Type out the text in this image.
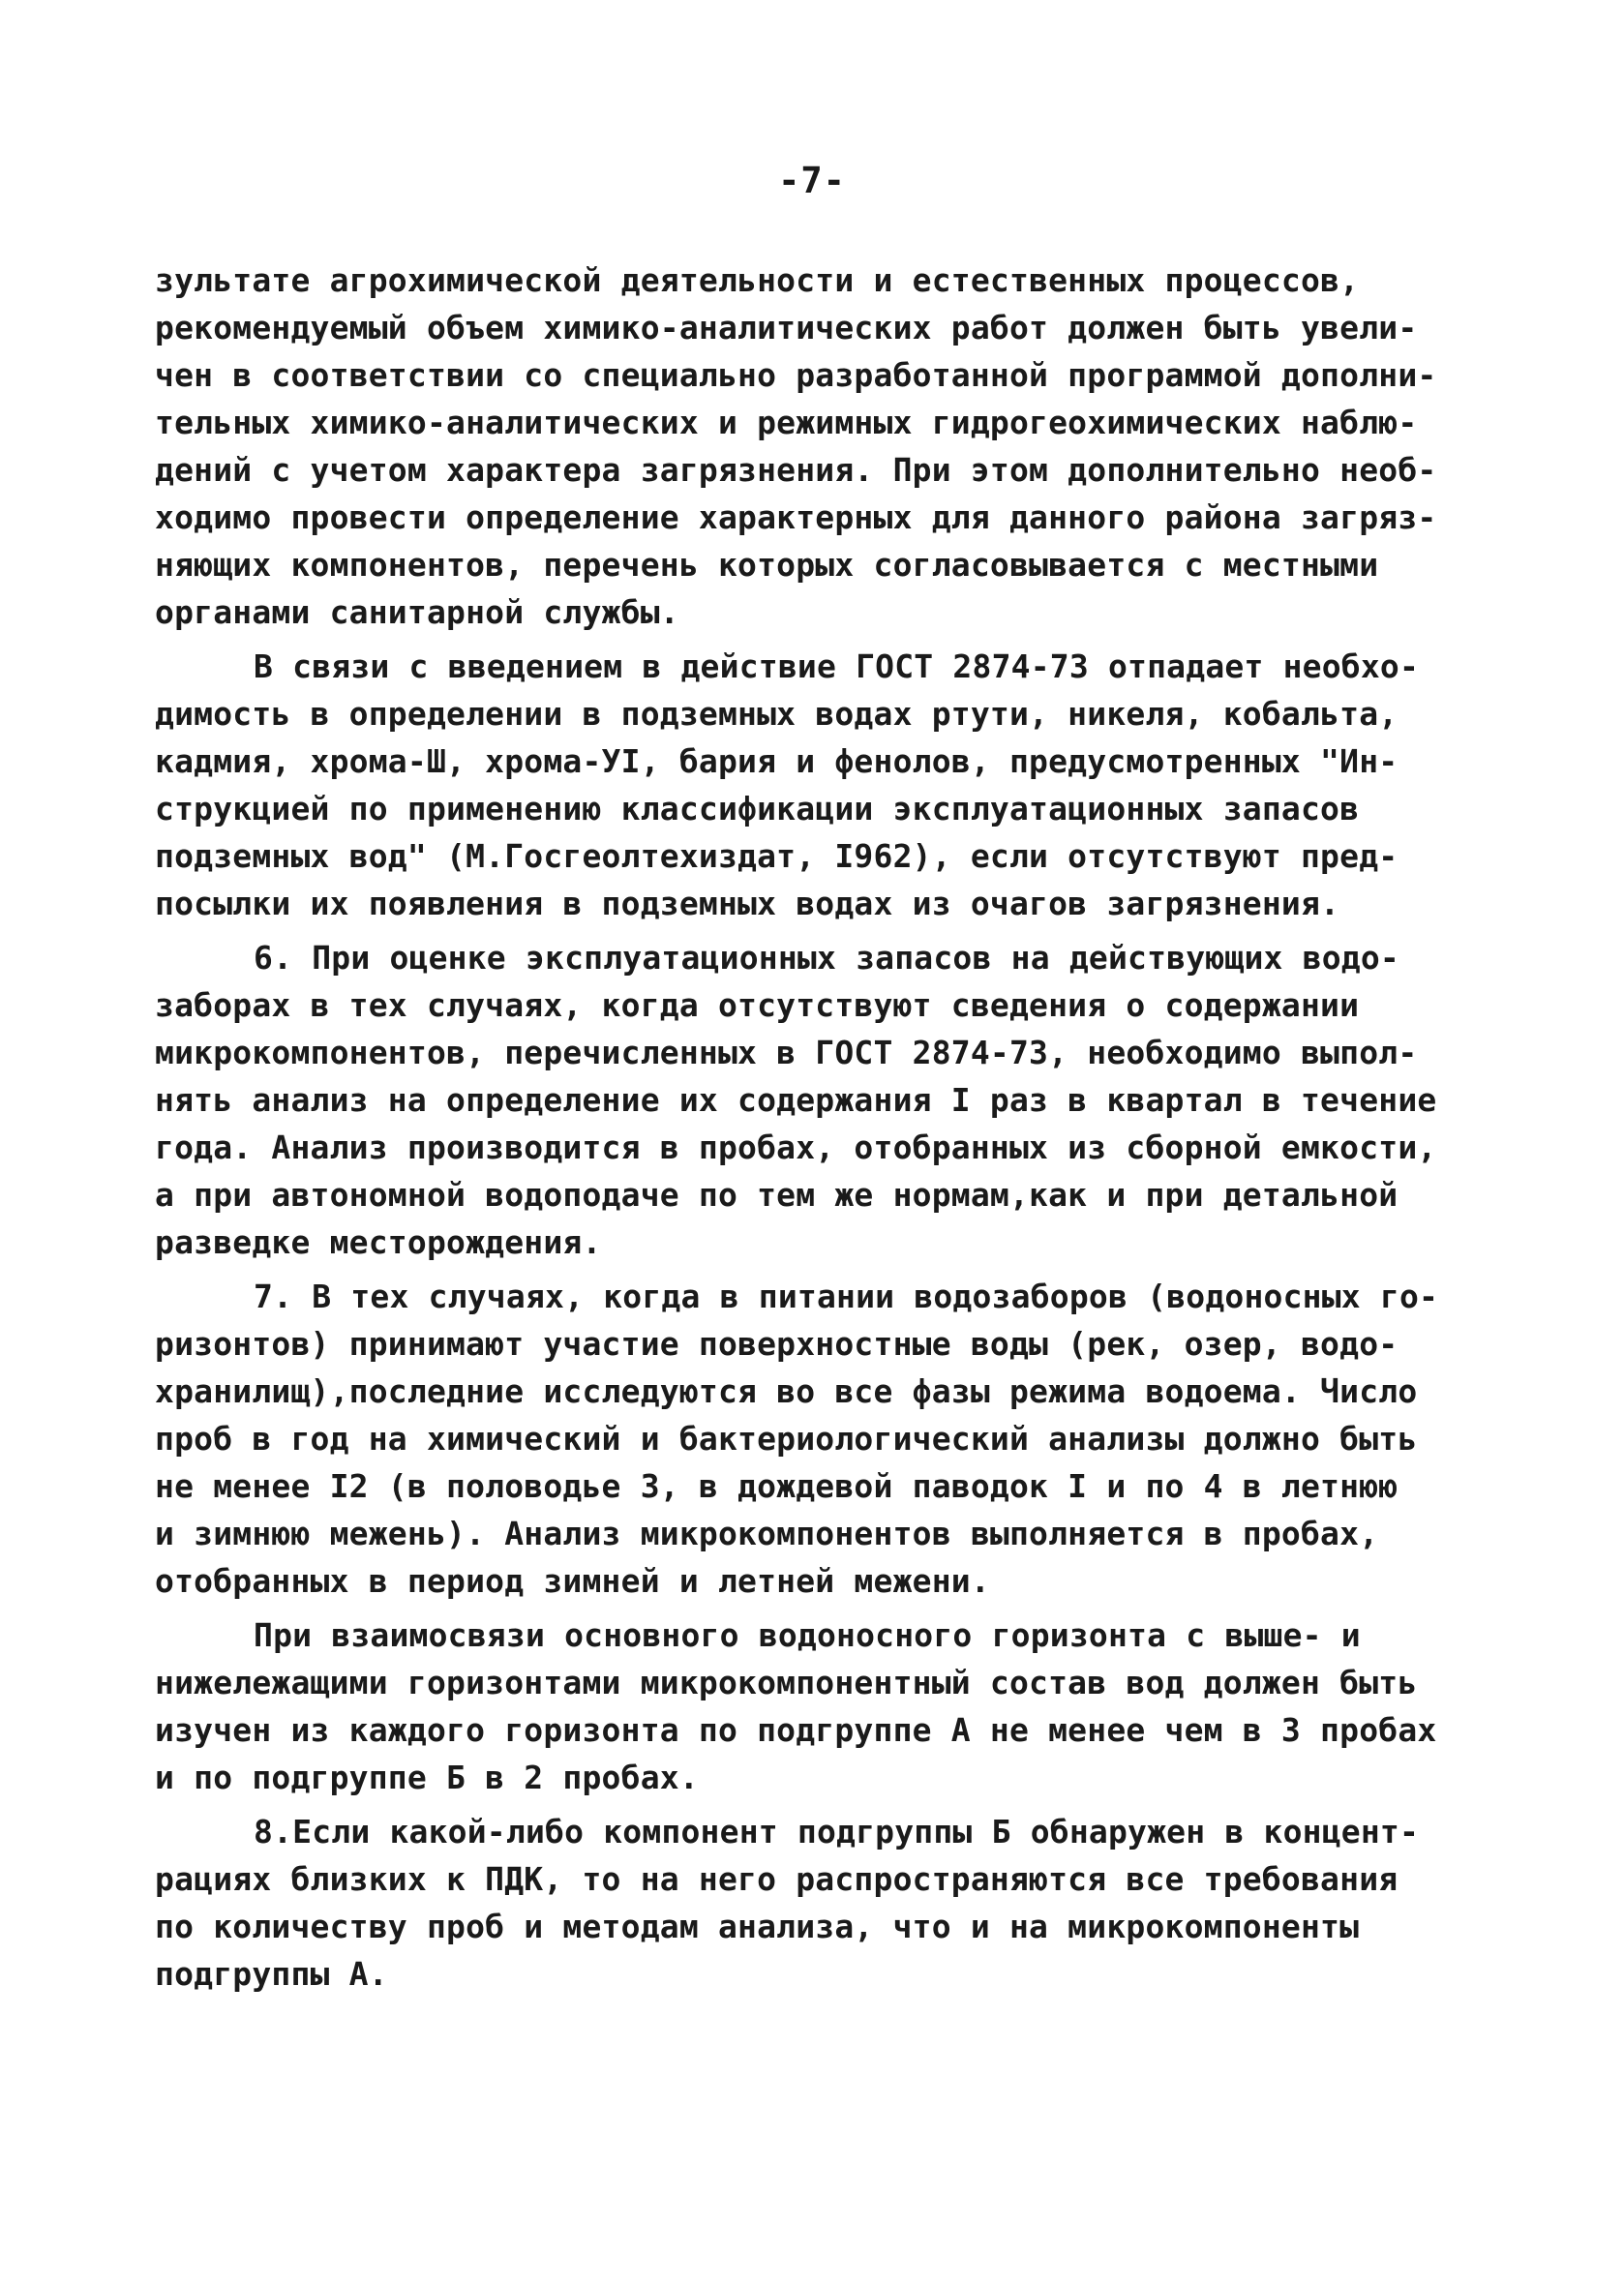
-7-
зультате агрохимической деятельности и естественных процессов,
рекомендуемый объем химико-аналитических работ должен быть увели-
чен в соответствии со специально разработанной программой дополни-
тельных химико-аналитических и режимных гидрогеохимических наблю-
дений с учетом характера загрязнения. При этом дополнительно необ-
ходимо провести определение характерных для данного района загряз-
няющих компонентов, перечень которых согласовывается с местными
органами санитарной службы.
В связи с введением в действие ГОСТ 2874-73 отпадает необхо-
димость в определении в подземных водах ртути, никеля, кобальта,
кадмия, хрома-Ш, хрома-УI, бария и фенолов, предусмотренных "Ин-
струкцией по применению классификации эксплуатационных запасов
подземных вод" (М.Госгеолтехиздат, I962), если отсутствуют пред-
посылки их появления в подземных водах из очагов загрязнения.
6. При оценке эксплуатационных запасов на действующих водо-
заборах в тех случаях, когда отсутствуют сведения о содержании
микрокомпонентов, перечисленных в ГОСТ 2874-73, необходимо выпол-
нять анализ на определение их содержания I раз в квартал в течение
года. Анализ производится в пробах, отобранных из сборной емкости,
а при автономной водоподаче по тем же нормам,как и при детальной
разведке месторождения.
7. В тех случаях, когда в питании водозаборов (водоносных го-
ризонтов) принимают участие поверхностные воды (рек, озер, водо-
хранилищ),последние исследуются во все фазы режима водоема. Число
проб в год на химический и бактериологический анализы должно быть
не менее I2 (в половодье 3, в дождевой паводок I и по 4 в летнюю
и зимнюю межень). Анализ микрокомпонентов выполняется в пробах,
отобранных в период зимней и летней межени.
При взаимосвязи основного водоносного горизонта с выше- и
нижележащими горизонтами микрокомпонентный состав вод должен быть
изучен из каждого горизонта по подгруппе А не менее чем в 3 пробах
и по подгруппе Б в 2 пробах.
8.Если какой-либо компонент подгруппы Б обнаружен в концент-
рациях близких к ПДК, то на него распространяются все требования
по количеству проб и методам анализа, что и на микрокомпоненты
подгруппы А.
